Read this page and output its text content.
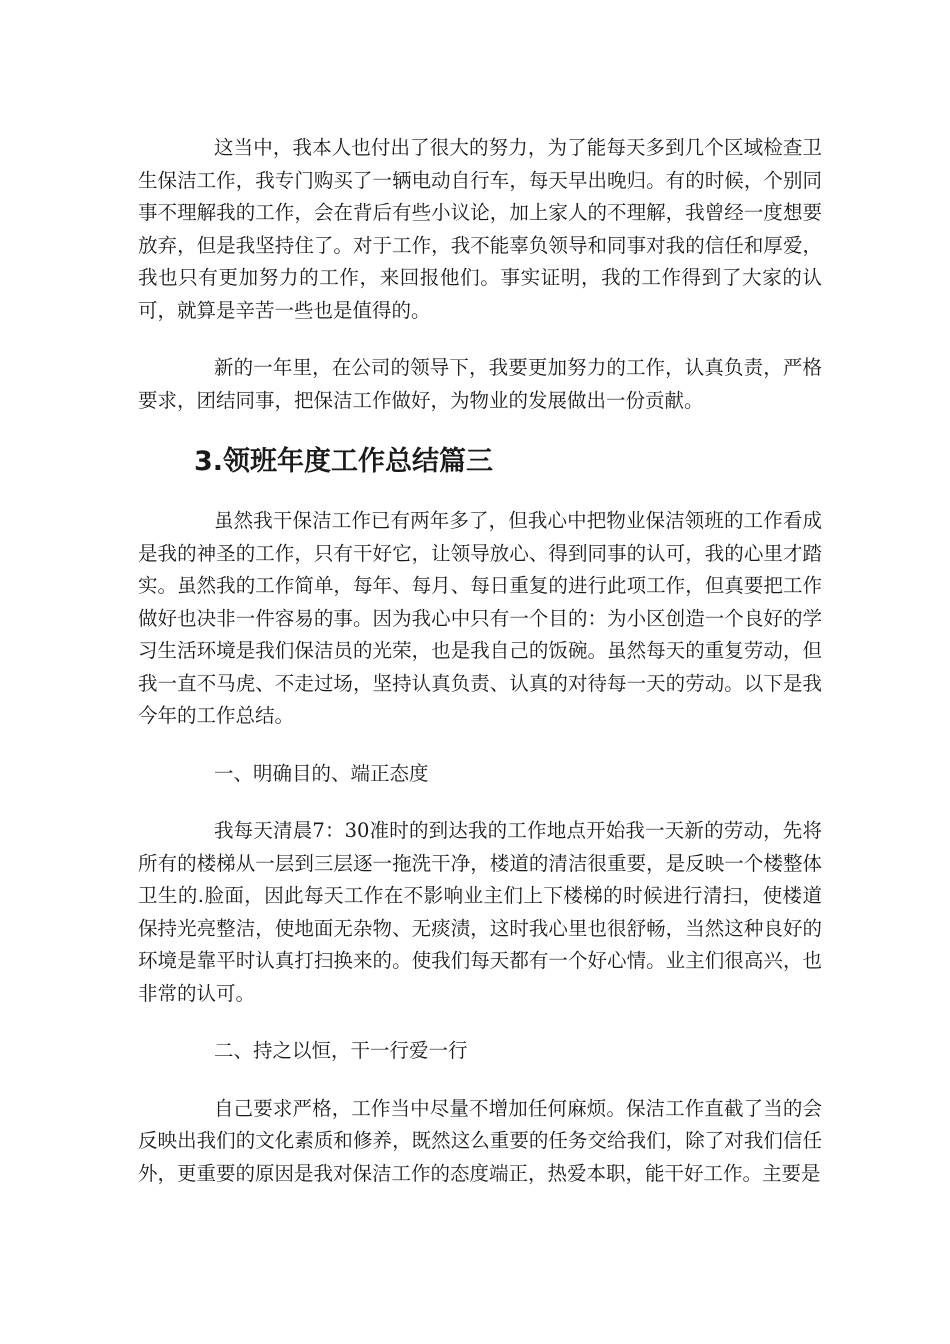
这当中，我本人也付出了很大的努力，为了能每天多到几个区域检查卫生保洁工作，我专门购买了一辆电动自行车，每天早出晚归。有的时候，个别同事不理解我的工作，会在背后有些小议论，加上家人的不理解，我曾经一度想要放弃，但是我坚持住了。对于工作，我不能辜负领导和同事对我的信任和厚爱，我也只有更加努力的工作，来回报他们。事实证明，我的工作得到了大家的认可，就算是辛苦一些也是值得的。

新的一年里，在公司的领导下，我要更加努力的工作，认真负责，严格要求，团结同事，把保洁工作做好，为物业的发展做出一份贡献。

3.领班年度工作总结篇三

虽然我干保洁工作已有两年多了，但我心中把物业保洁领班的工作看成是我的神圣的工作，只有干好它，让领导放心、得到同事的认可，我的心里才踏实。虽然我的工作简单，每年、每月、每日重复的进行此项工作，但真要把工作做好也决非一件容易的事。因为我心中只有一个目的：为小区创造一个良好的学习生活环境是我们保洁员的光荣，也是我自己的饭碗。虽然每天的重复劳动，但我一直不马虎、不走过场，坚持认真负责、认真的对待每一天的劳动。以下是我今年的工作总结。

一、明确目的、端正态度

我每天清晨7：30准时的到达我的工作地点开始我一天新的劳动，先将所有的楼梯从一层到三层逐一拖洗干净，楼道的清洁很重要，是反映一个楼整体卫生的.脸面，因此每天工作在不影响业主们上下楼梯的时候进行清扫，使楼道保持光亮整洁，使地面无杂物、无痰渍，这时我心里也很舒畅，当然这种良好的环境是靠平时认真打扫换来的。使我们每天都有一个好心情。业主们很高兴，也非常的认可。

二、持之以恒，干一行爱一行

自己要求严格，工作当中尽量不增加任何麻烦。保洁工作直截了当的会反映出我们的文化素质和修养，既然这么重要的任务交给我们，除了对我们信任外，更重要的原因是我对保洁工作的态度端正，热爱本职，能干好工作。主要是
